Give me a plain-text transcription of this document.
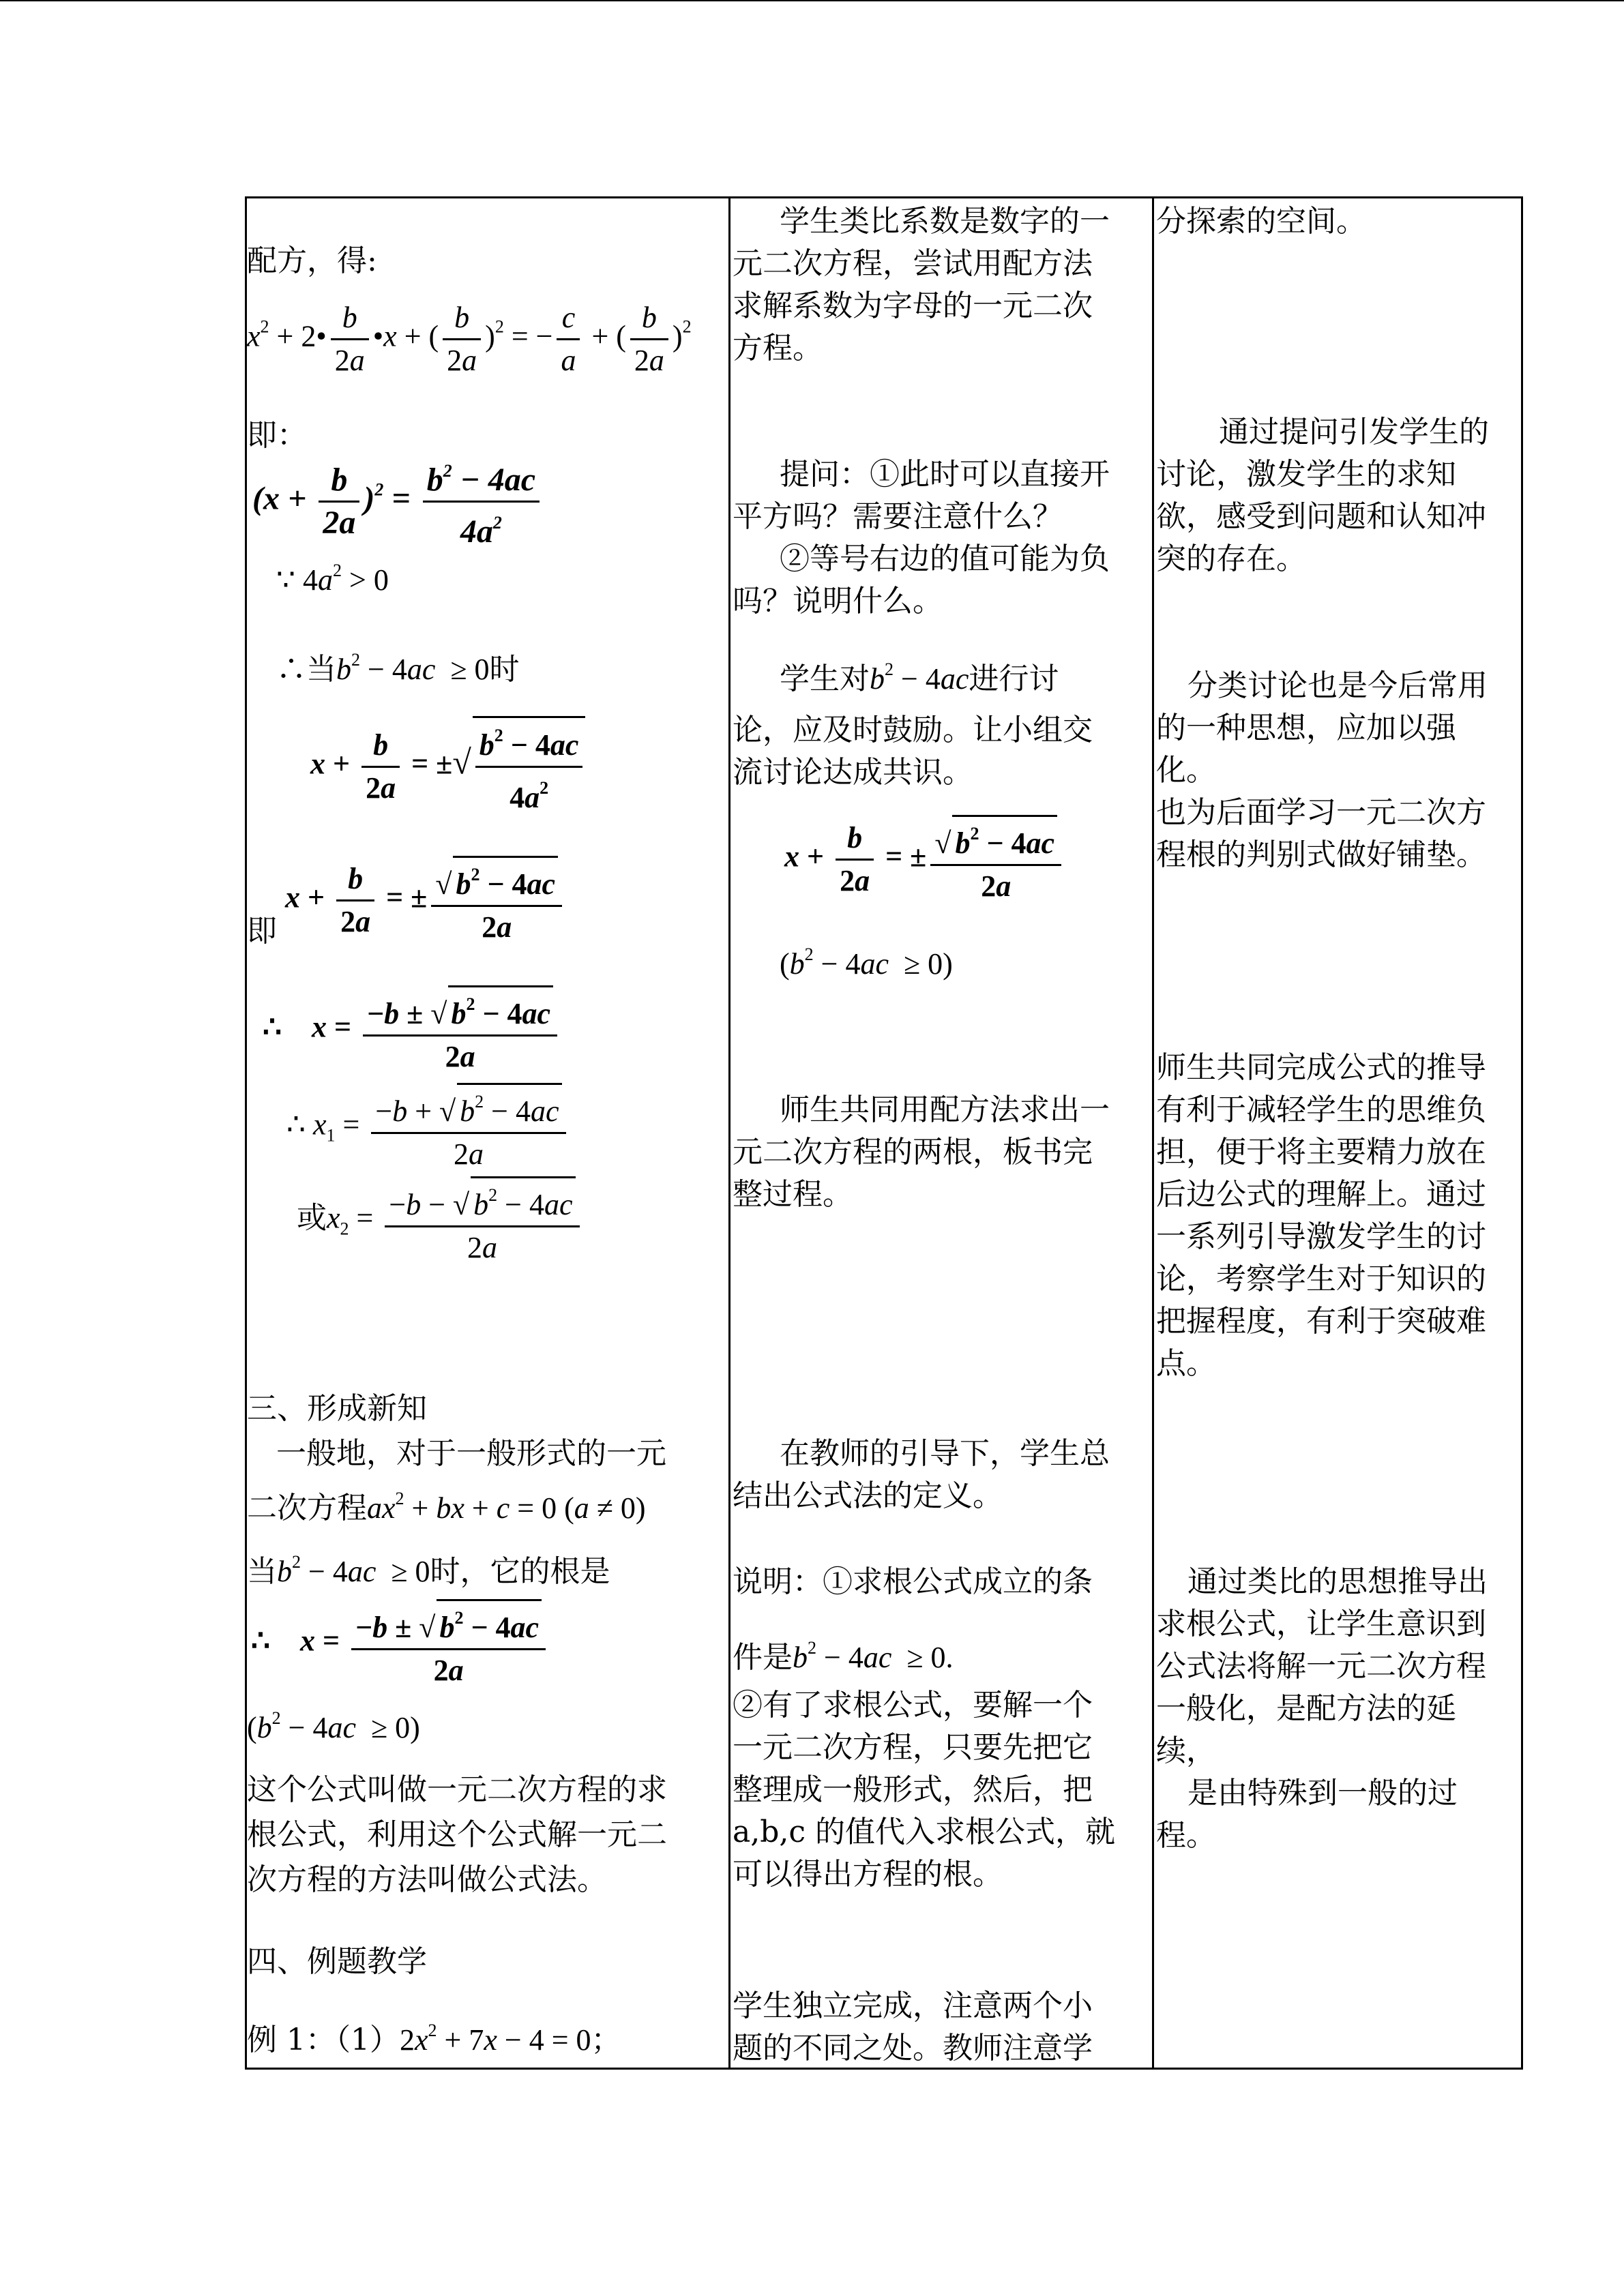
配方，得:
$x^2$ + 2• $\frac{b}{2a}$ •x + ( $\frac{b}{2a} )^2$ = − $\frac{c}{a}$ + ( $\frac{b}{2a} )^2$
即：
$(x + \frac{b}{2a} )^2 = \frac{b^2 - 4ac}{4a^2}$
∵ $4a^2 > 0$
∴当$b^2 - 4ac \ge 0$时
$x + \frac{b}{2a}$ = ±√ $\frac{b^2 - 4ac}{4a^2}$
即
$x + \frac{b}{2a}$ = ± $\frac{√ b^2 - 4ac}{2a}$
∴ $x = \frac{-b \pm √ b^2 - 4ac}{2a}$
∴ $x_1 = \frac{-b + √ b^2 - 4ac}{2a}$
或$x_2 = \frac{-b - √ b^2 - 4ac}{2a}$
三、形成新知
一般地，对于一般形式的一元
二次方程$ax^2$ + bx + c = 0 (a ≠ 0)
当$b^2 - 4ac \ge 0$时，它的根是
∴ $x = \frac{-b \pm √ b^2 - 4ac}{2a}$
$(b^2 - 4ac \ge 0)$
这个公式叫做一元二次方程的求
根公式，利用这个公式解一元二
次方程的方法叫做公式法。
四、例题教学
例 1：$(1)2x^2 + 7x - 4 = 0$；
学生类比系数是数字的一
元二次方程，尝试用配方法
求解系数为字母的一元二次
方程。
提问：①此时可以直接开
平方吗？需要注意什么？
②等号右边的值可能为负
吗？说明什么。
学生对$b^2 - 4ac$进行讨
论，应及时鼓励。让小组交
流讨论达成共识。
$x + \frac{b}{2a}$ = ± $\frac{√ b^2 - 4ac}{2a}$
$(b^2 - 4ac \ge 0)$
师生共同用配方法求出一
元二次方程的两根，板书完
整过程。
在教师的引导下，学生总
结出公式法的定义。
说明：①求根公式成立的条
件是$b^2 - 4ac \ge 0$.
②有了求根公式，要解一个
一元二次方程，只要先把它
整理成一般形式，然后，把
a,b,c 的值代入求根公式，就
可以得出方程的根。
学生独立完成，注意两个小
题的不同之处。教师注意学
分探索的空间。
通过提问引发学生的
讨论，激发学生的求知
欲，感受到问题和认知冲
突的存在。
分类讨论也是今后常用
的一种思想，应加以强
化。
也为后面学习一元二次方
程根的判别式做好铺垫。
师生共同完成公式的推导
有利于减轻学生的思维负
担，便于将主要精力放在
后边公式的理解上。通过
一系列引导激发学生的讨
论，考察学生对于知识的
把握程度，有利于突破难
点。
通过类比的思想推导出
求根公式，让学生意识到
公式法将解一元二次方程
一般化，是配方法的延
续，
是由特殊到一般的过
程。
